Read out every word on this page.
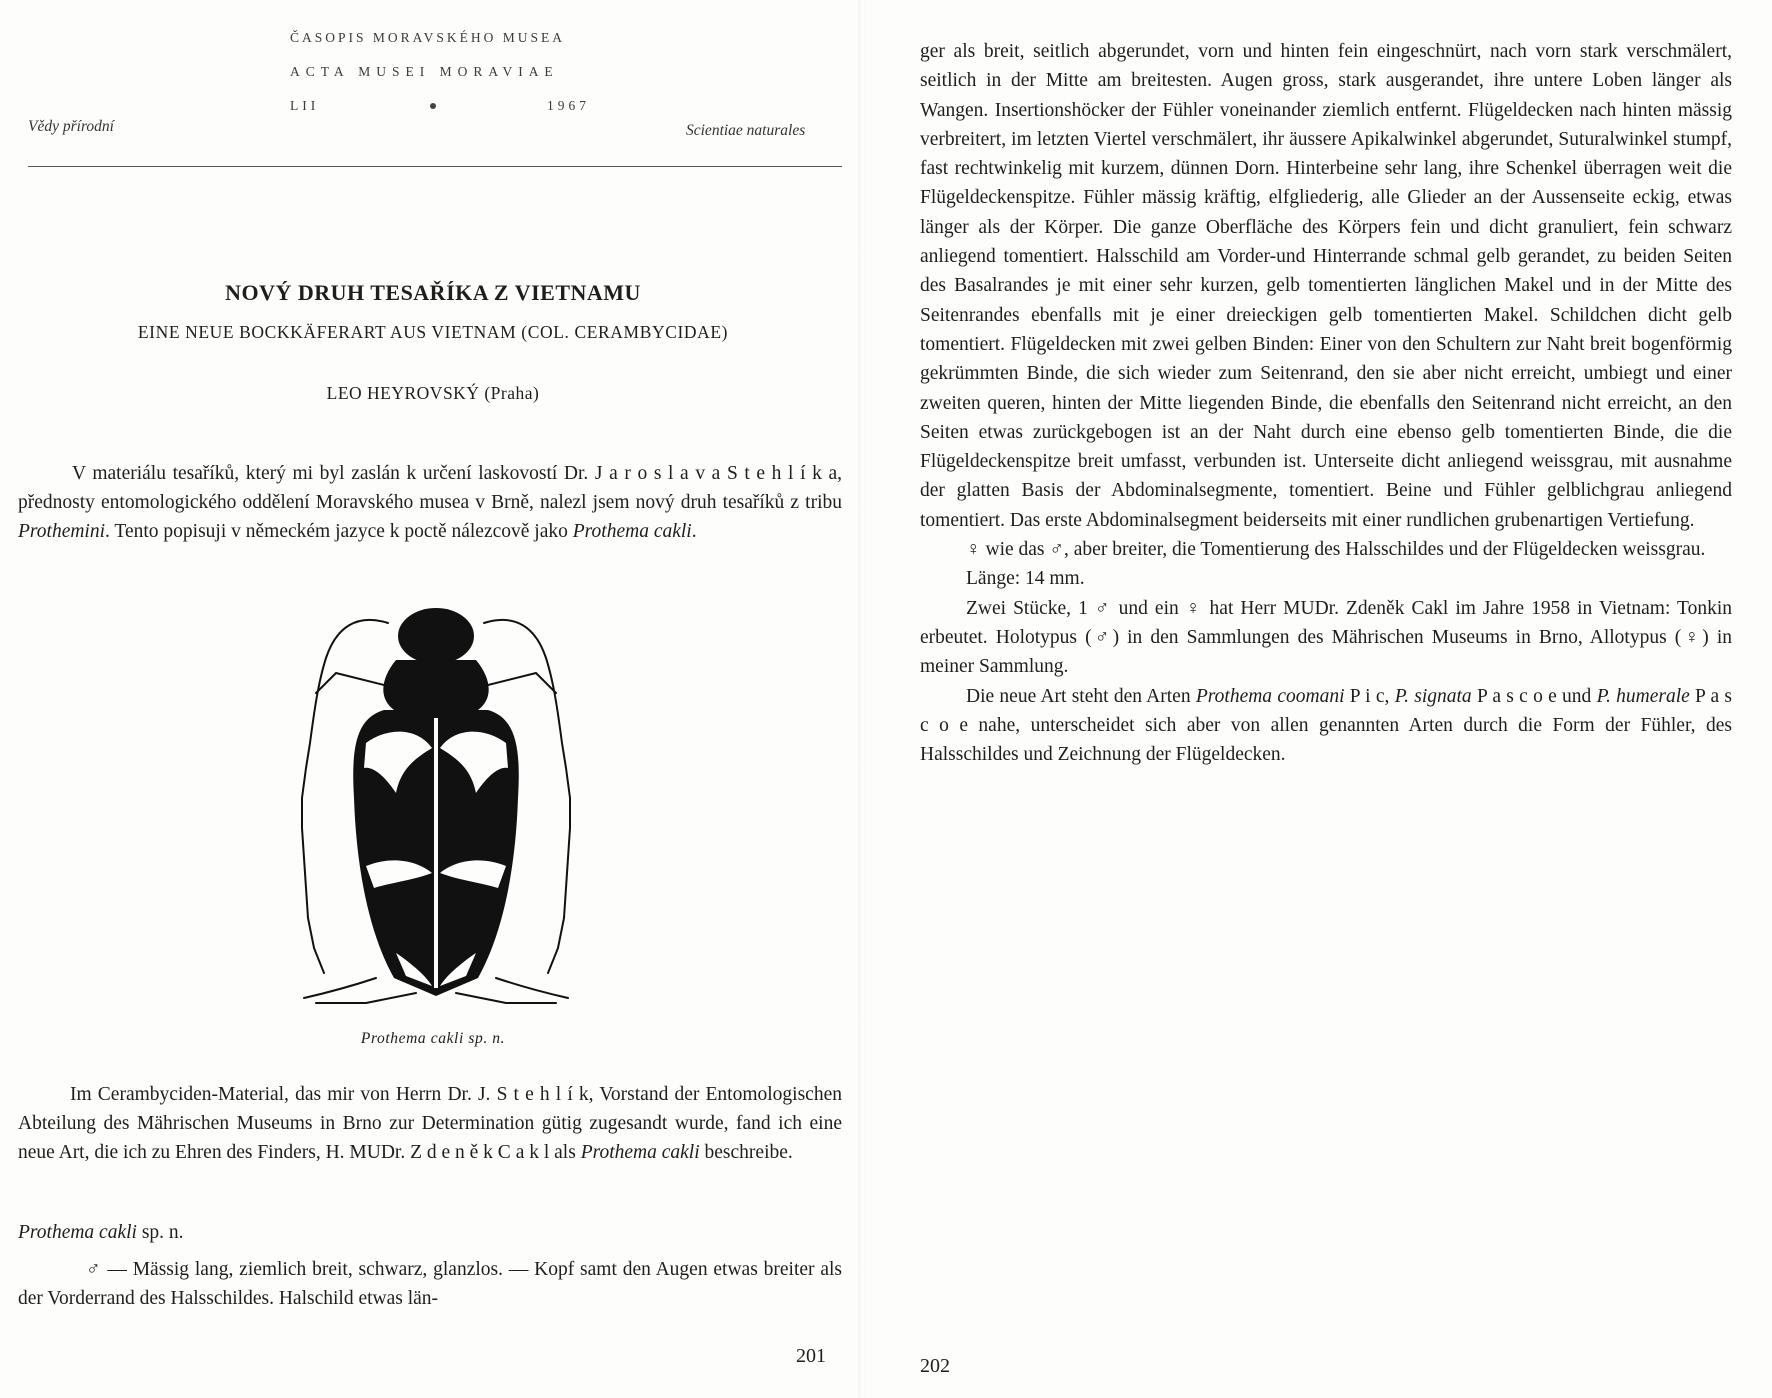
ČASOPIS MORAVSKÉHO MUSEA
ACTA MUSEI MORAVIAE
LII	1967
Vědy přírodní	Scientiae naturales
NOVÝ DRUH TESAŘÍKA Z VIETNAMU
EINE NEUE BOCKKÄFERART AUS VIETNAM (COL. CERAMBYCIDAE)
LEO HEYROVSKÝ (Praha)
V materiálu tesaříků, který mi byl zaslán k určení laskovostí Dr. J a r o s l a v a S t e h l í k a, přednosty entomologického oddělení Moravského musea v Brně, nalezl jsem nový druh tesaříků z tribu Prothemini. Tento popisuji v německém jazyce k poctě nálezcově jako Prothema cakli.
Prothema cakli sp. n.
Im Cerambyciden-Material, das mir von Herrn Dr. J. S t e h l í k, Vorstand der Entomologischen Abteilung des Mährischen Museums in Brno zur Determination gütig zugesandt wurde, fand ich eine neue Art, die ich zu Ehren des Finders, H. MUDr. Z d e n ě k C a k l als Prothema cakli beschreibe.
Prothema cakli sp. n.
♂ — Mässig lang, ziemlich breit, schwarz, glanzlos. — Kopf samt den Augen etwas breiter als der Vorderrand des Halsschildes. Halschild etwas län-
201
ger als breit, seitlich abgerundet, vorn und hinten fein eingeschnürt, nach vorn stark verschmälert, seitlich in der Mitte am breitesten. Augen gross, stark ausgerandet, ihre untere Loben länger als Wangen. Insertionshöcker der Fühler voneinander ziemlich entfernt. Flügeldecken nach hinten mässig verbreitert, im letzten Viertel verschmälert, ihr äussere Apikalwinkel abgerundet, Suturalwinkel stumpf, fast rechtwinkelig mit kurzem, dünnen Dorn. Hinterbeine sehr lang, ihre Schenkel überragen weit die Flügeldeckenspitze. Fühler mässig kräftig, elfgliederig, alle Glieder an der Aussenseite eckig, etwas länger als der Körper. Die ganze Oberfläche des Körpers fein und dicht granuliert, fein schwarz anliegend tomentiert. Halsschild am Vorder-und Hinterrande schmal gelb gerandet, zu beiden Seiten des Basalrandes je mit einer sehr kurzen, gelb tomentierten länglichen Makel und in der Mitte des Seitenrandes ebenfalls mit je einer dreieckigen gelb tomentierten Makel. Schildchen dicht gelb tomentiert. Flügeldecken mit zwei gelben Binden: Einer von den Schultern zur Naht breit bogenförmig gekrümmten Binde, die sich wieder zum Seitenrand, den sie aber nicht erreicht, umbiegt und einer zweiten queren, hinten der Mitte liegenden Binde, die ebenfalls den Seitenrand nicht erreicht, an den Seiten etwas zurückgebogen ist an der Naht durch eine ebenso gelb tomentierten Binde, die die Flügeldeckenspitze breit umfasst, verbunden ist. Unterseite dicht anliegend weissgrau, mit ausnahme der glatten Basis der Abdominalsegmente, tomentiert. Beine und Fühler gelblichgrau anliegend tomentiert. Das erste Abdominalsegment beiderseits mit einer rundlichen grubenartigen Vertiefung.
♀ wie das ♂, aber breiter, die Tomentierung des Halsschildes und der Flügeldecken weissgrau.
Länge: 14 mm.
Zwei Stücke, 1 ♂ und ein ♀ hat Herr MUDr. Zdeněk Cakl im Jahre 1958 in Vietnam: Tonkin erbeutet. Holotypus (♂) in den Sammlungen des Mährischen Museums in Brno, Allotypus (♀) in meiner Sammlung.
Die neue Art steht den Arten Prothema coomani P i c, P. signata P a s c o e und P. humerale P a s c o e nahe, unterscheidet sich aber von allen genannten Arten durch die Form der Fühler, des Halsschildes und Zeichnung der Flügeldecken.
202
